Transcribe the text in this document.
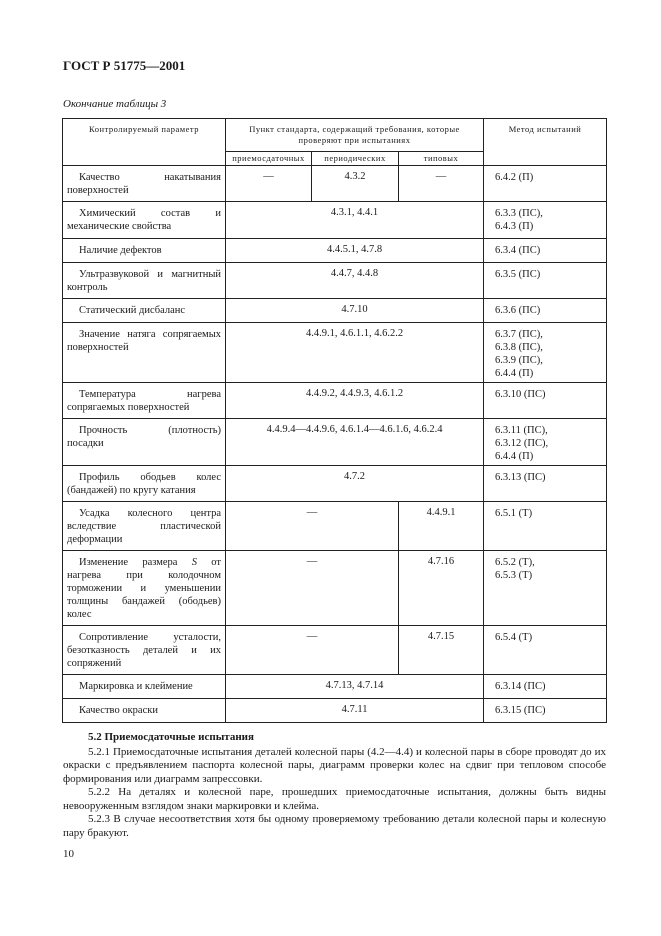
ГОСТ Р 51775—2001
Окончание таблицы 3
Контролируемый параметр	Пункт стандарта, содержащий требования, которые проверяют при испытаниях			Метод испытаний
	приемосдаточных	периодических	типовых	
Качество накатывания поверхностей	—	4.3.2	—	6.4.2 (П)
Химический состав и механические свойства	4.3.1, 4.4.1			6.3.3 (ПС),
6.4.3 (П)
Наличие дефектов	4.4.5.1, 4.7.8			6.3.4 (ПС)
Ультразвуковой и магнитный контроль	4.4.7, 4.4.8			6.3.5 (ПС)
Статический дисбаланс	4.7.10			6.3.6 (ПС)
Значение натяга сопрягаемых поверхностей	4.4.9.1, 4.6.1.1, 4.6.2.2			6.3.7 (ПС),
6.3.8 (ПС),
6.3.9 (ПС),
6.4.4 (П)
Температура нагрева сопрягаемых поверхностей	4.4.9.2, 4.4.9.3, 4.6.1.2			6.3.10 (ПС)
Прочность (плотность) посадки	4.4.9.4—4.4.9.6, 4.6.1.4—4.6.1.6, 4.6.2.4			6.3.11 (ПС),
6.3.12 (ПС),
6.4.4 (П)
Профиль ободьев колес (бандажей) по кругу катания	4.7.2			6.3.13 (ПС)
Усадка колесного центра вследствие пластической деформации	—		4.4.9.1	6.5.1 (Т)
Изменение размера S от нагрева при колодочном торможении и уменьшении толщины бандажей (ободьев) колес	—		4.7.16	6.5.2 (Т),
6.5.3 (Т)
Сопротивление усталости, безотказность деталей и их сопряжений	—		4.7.15	6.5.4 (Т)
Маркировка и клеймение	4.7.13, 4.7.14			6.3.14 (ПС)
Качество окраски	4.7.11			6.3.15 (ПС)
5.2 Приемосдаточные испытания

5.2.1 Приемосдаточные испытания деталей колесной пары (4.2—4.4) и колесной пары в сборе проводят до их окраски с предъявлением паспорта колесной пары, диаграмм проверки колес на сдвиг при тепловом способе формирования или диаграмм запрессовки.

5.2.2 На деталях и колесной паре, прошедших приемосдаточные испытания, должны быть видны невооруженным взглядом знаки маркировки и клейма.

5.2.3 В случае несоответствия хотя бы одному проверяемому требованию детали колесной пары и колесную пару бракуют.

10
